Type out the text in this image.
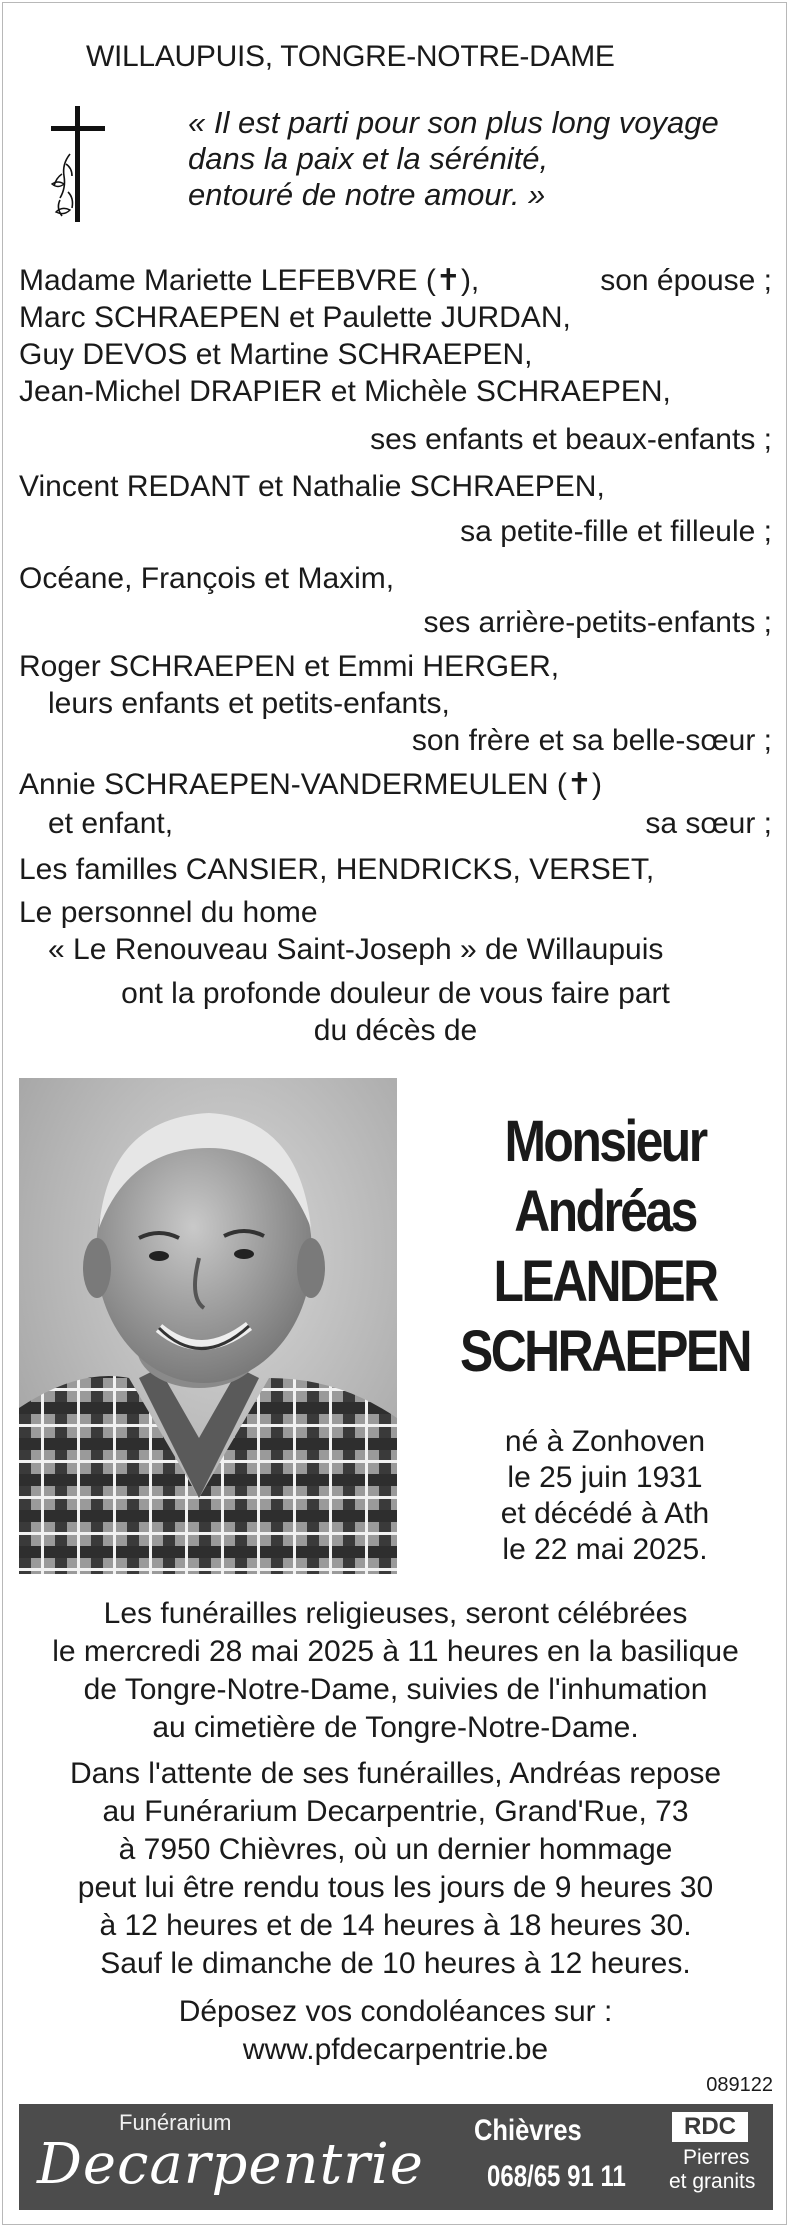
WILLAUPUIS, TONGRE-NOTRE-DAME
« Il est parti pour son plus long voyage
dans la paix et la sérénité,
entouré de notre amour. »
Madame Mariette LEFEBVRE (✝),	son épouse ;
Marc SCHRAEPEN et Paulette JURDAN,
Guy DEVOS et Martine SCHRAEPEN,
Jean-Michel DRAPIER et Michèle SCHRAEPEN,
ses enfants et beaux-enfants ;
Vincent REDANT et Nathalie SCHRAEPEN,
sa petite-fille et filleule ;
Océane, François et Maxim,
ses arrière-petits-enfants ;
Roger SCHRAEPEN et Emmi HERGER,
leurs enfants et petits-enfants,
son frère et sa belle-sœur ;
Annie SCHRAEPEN-VANDERMEULEN (✝)
et enfant,	sa sœur ;
Les familles CANSIER, HENDRICKS, VERSET,
Le personnel du home
« Le Renouveau Saint-Joseph » de Willaupuis
ont la profonde douleur de vous faire part
du décès de
Monsieur
Andréas
LEANDER
SCHRAEPEN
né à Zonhoven
le 25 juin 1931
et décédé à Ath
le 22 mai 2025.
Les funérailles religieuses, seront célébrées
le mercredi 28 mai 2025 à 11 heures en la basilique
de Tongre-Notre-Dame, suivies de l'inhumation
au cimetière de Tongre-Notre-Dame.
Dans l'attente de ses funérailles, Andréas repose
au Funérarium Decarpentrie, Grand'Rue, 73
à 7950 Chièvres, où un dernier hommage
peut lui être rendu tous les jours de 9 heures 30
à 12 heures et de 14 heures à 18 heures 30.
Sauf le dimanche de 10 heures à 12 heures.
Déposez vos condoléances sur :
www.pfdecarpentrie.be
089122
Funérarium
Decarpentrie
Chièvres
068/65 91 11
RDC
Pierres
et granits
